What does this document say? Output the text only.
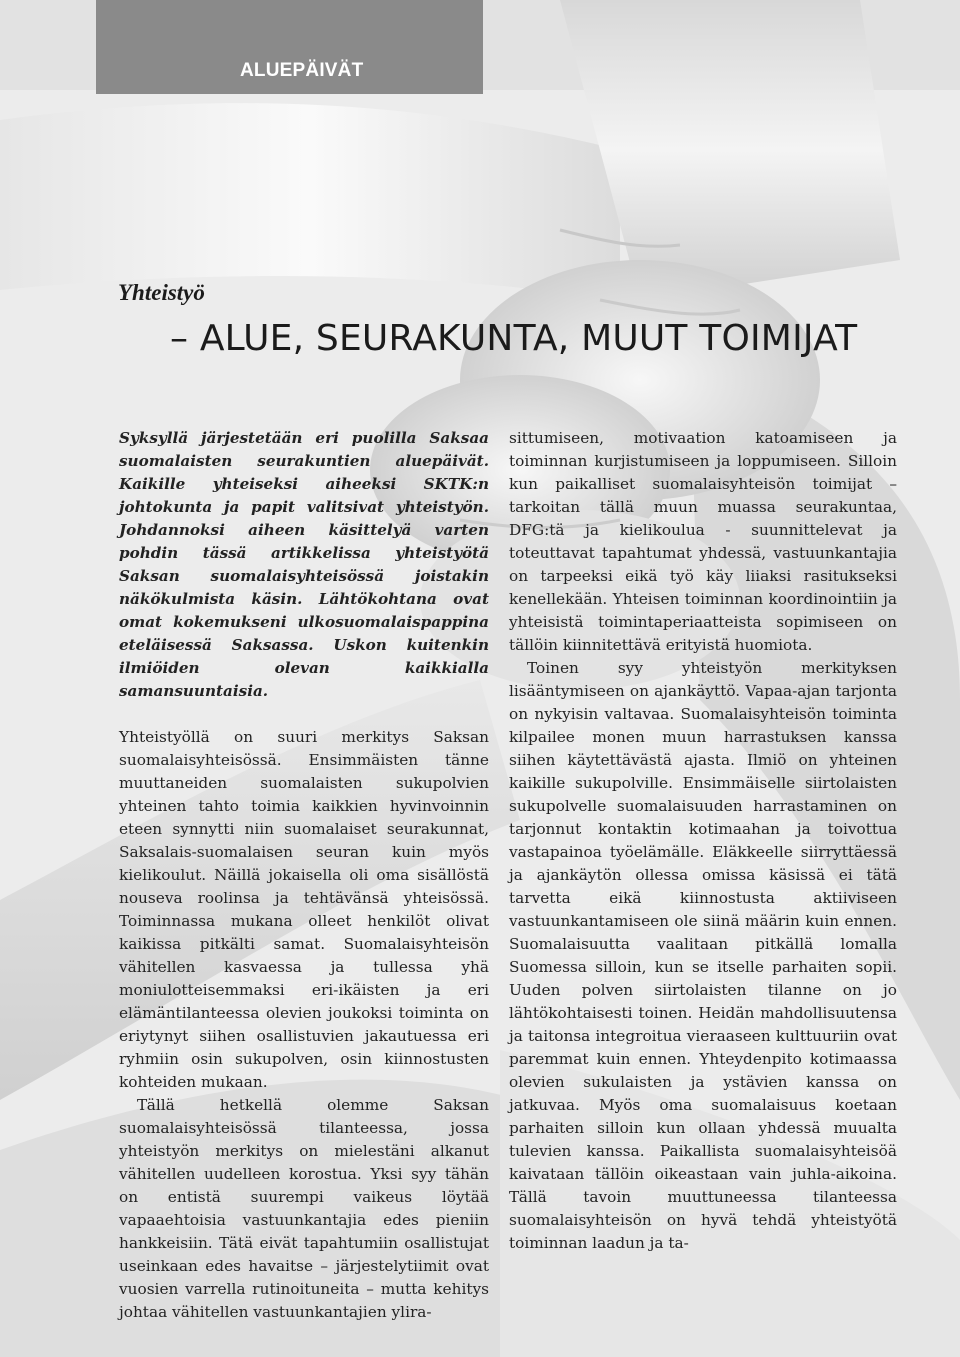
ALUEPÄIVÄT
Yhteistyö
– ALUE, SEURAKUNTA, MUUT TOIMIJAT

Syksyllä järjestetään eri puolilla Saksaa suomalaisten seurakuntien aluepäivät. Kaikille yhteiseksi aiheeksi SKTK:n johtokunta ja papit valitsivat yhteistyön. Johdannoksi aiheen käsittelyä varten pohdin tässä artikkelissa yhteistyötä Saksan suomalaisyhteisössä joistakin näkökulmista käsin. Lähtökohtana ovat omat kokemukseni ulkosuomalaispappina eteläisessä Saksassa. Uskon kuitenkin ilmiöiden olevan kaikkialla samansuuntaisia.

Yhteistyöllä on suuri merkitys Saksan suomalaisyhteisössä. Ensimmäisten tänne muuttaneiden suomalaisten sukupolvien yhteinen tahto toimia kaikkien hyvinvoinnin eteen synnytti niin suomalaiset seurakunnat, Saksalais-suomalaisen seuran kuin myös kielikoulut. Näillä jokaisella oli oma sisällöstä nouseva roolinsa ja tehtävänsä yhteisössä. Toiminnassa mukana olleet henkilöt olivat kaikissa pitkälti samat. Suomalaisyhteisön vähitellen kasvaessa ja tullessa yhä moniulotteisemmaksi eri-ikäisten ja eri elämäntilanteessa olevien joukoksi toiminta on eriytynyt siihen osallistuvien jakautuessa eri ryhmiin osin sukupolven, osin kiinnostusten kohteiden mukaan.

Tällä hetkellä olemme Saksan suomalaisyhteisössä tilanteessa, jossa yhteistyön merkitys on mielestäni alkanut vähitellen uudelleen korostua. Yksi syy tähän on entistä suurempi vaikeus löytää vapaaehtoisia vastuunkantajia edes pieniin hankkeisiin. Tätä eivät tapahtumiin osallistujat useinkaan edes havaitse – järjestelytiimit ovat vuosien varrella rutinoituneita – mutta kehitys johtaa vähitellen vastuunkantajien ylira-

sittumiseen, motivaation katoamiseen ja toiminnan kurjistumiseen ja loppumiseen. Silloin kun paikalliset suomalaisyhteisön toimijat – tarkoitan tällä muun muassa seurakuntaa, DFG:tä ja kielikoulua - suunnittelevat ja toteuttavat tapahtumat yhdessä, vastuunkantajia on tarpeeksi eikä työ käy liiaksi rasitukseksi kenellekään. Yhteisen toiminnan koordinointiin ja yhteisistä toimintaperiaatteista sopimiseen on tällöin kiinnitettävä erityistä huomiota.

Toinen syy yhteistyön merkityksen lisääntymiseen on ajankäyttö. Vapaa-ajan tarjonta on nykyisin valtavaa. Suomalaisyhteisön toiminta kilpailee monen muun harrastuksen kanssa siihen käytettävästä ajasta. Ilmiö on yhteinen kaikille sukupolville. Ensimmäiselle siirtolaisten sukupolvelle suomalaisuuden harrastaminen on tarjonnut kontaktin kotimaahan ja toivottua vastapainoa työelämälle. Eläkkeelle siirryttäessä ja ajankäytön ollessa omissa käsissä ei tätä tarvetta eikä kiinnostusta aktiiviseen vastuunkantamiseen ole siinä määrin kuin ennen. Suomalaisuutta vaalitaan pitkällä lomalla Suomessa silloin, kun se itselle parhaiten sopii. Uuden polven siirtolaisten tilanne on jo lähtökohtaisesti toinen. Heidän mahdollisuutensa ja taitonsa integroitua vieraaseen kulttuuriin ovat paremmat kuin ennen. Yhteydenpito kotimaassa olevien sukulaisten ja ystävien kanssa on jatkuvaa. Myös oma suomalaisuus koetaan parhaiten silloin kun ollaan yhdessä muualta tulevien kanssa. Paikallista suomalaisyhteisöä kaivataan tällöin oikeastaan vain juhla-aikoina. Tällä tavoin muuttuneessa tilanteessa suomalaisyhteisön on hyvä tehdä yhteistyötä toiminnan laadun ja ta-
